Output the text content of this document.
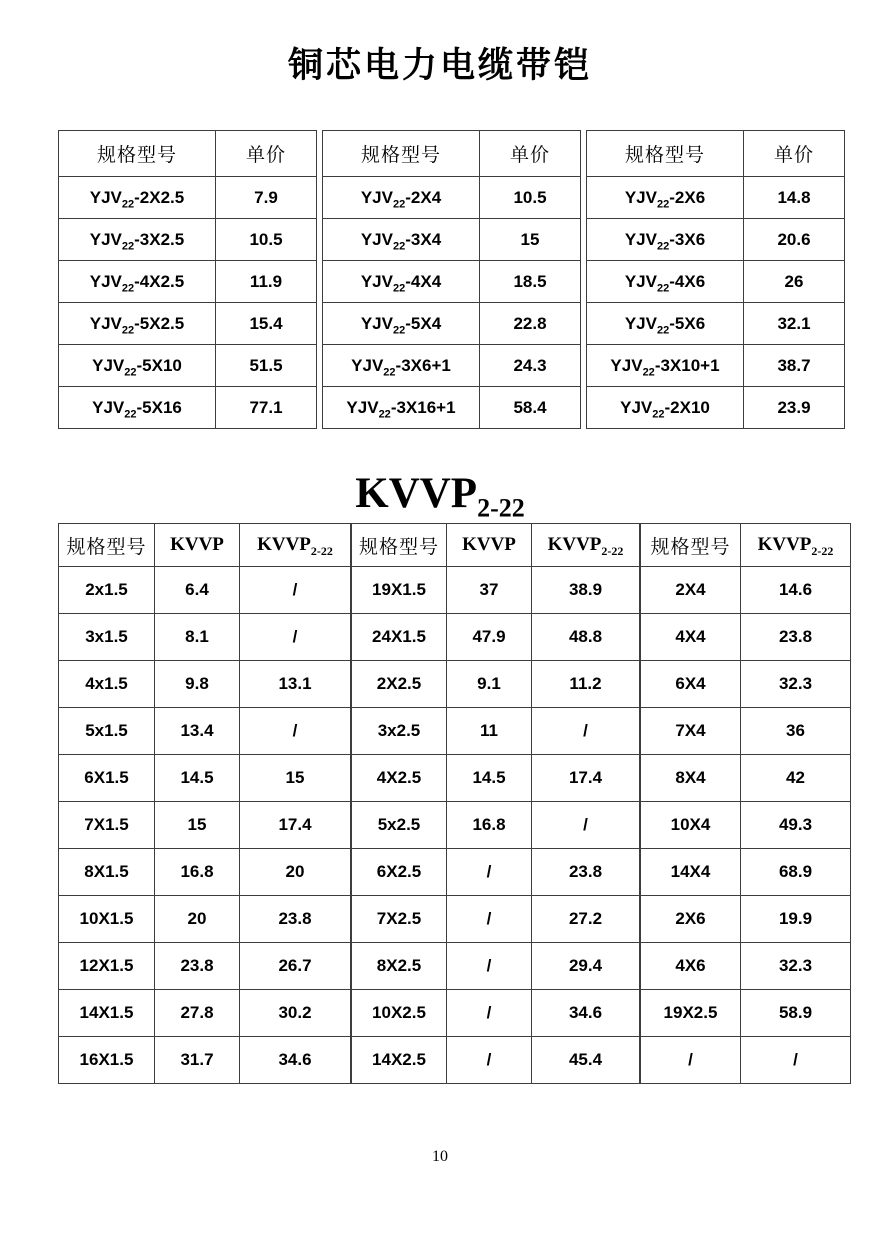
铜芯电力电缆带铠
规格型号	单价
$YJV_{22}-2X2.5$	7.9
$YJV_{22}-3X2.5$	10.5
$YJV_{22}-4X2.5$	11.9
$YJV_{22}-5X2.5$	15.4
$YJV_{22}-5X10$	51.5
$YJV_{22}-5X16$	77.1
规格型号	单价
$YJV_{22}-2X4$	10.5
$YJV_{22}-3X4$	15
$YJV_{22}-4X4$	18.5
$YJV_{22}-5X4$	22.8
$YJV_{22}-3X6+1$	24.3
$YJV_{22}-3X16+1$	58.4
规格型号	单价
$YJV_{22}-2X6$	14.8
$YJV_{22}-3X6$	20.6
$YJV_{22}-4X6$	26
$YJV_{22}-5X6$	32.1
$YJV_{22}-3X10+1$	38.7
$YJV_{22}-2X10$	23.9
$KVVP_{2-22}$
规格型号	KVVP	$KVVP_{2-22}$
2x1.5	6.4	/
3x1.5	8.1	/
4x1.5	9.8	13.1
5x1.5	13.4	/
6X1.5	14.5	15
7X1.5	15	17.4
8X1.5	16.8	20
10X1.5	20	23.8
12X1.5	23.8	26.7
14X1.5	27.8	30.2
16X1.5	31.7	34.6
规格型号	KVVP	$KVVP_{2-22}$
19X1.5	37	38.9
24X1.5	47.9	48.8
2X2.5	9.1	11.2
3x2.5	11	/
4X2.5	14.5	17.4
5x2.5	16.8	/
6X2.5	/	23.8
7X2.5	/	27.2
8X2.5	/	29.4
10X2.5	/	34.6
14X2.5	/	45.4
规格型号	$KVVP_{2-22}$
2X4	14.6
4X4	23.8
6X4	32.3
7X4	36
8X4	42
10X4	49.3
14X4	68.9
2X6	19.9
4X6	32.3
19X2.5	58.9
/	/
10
